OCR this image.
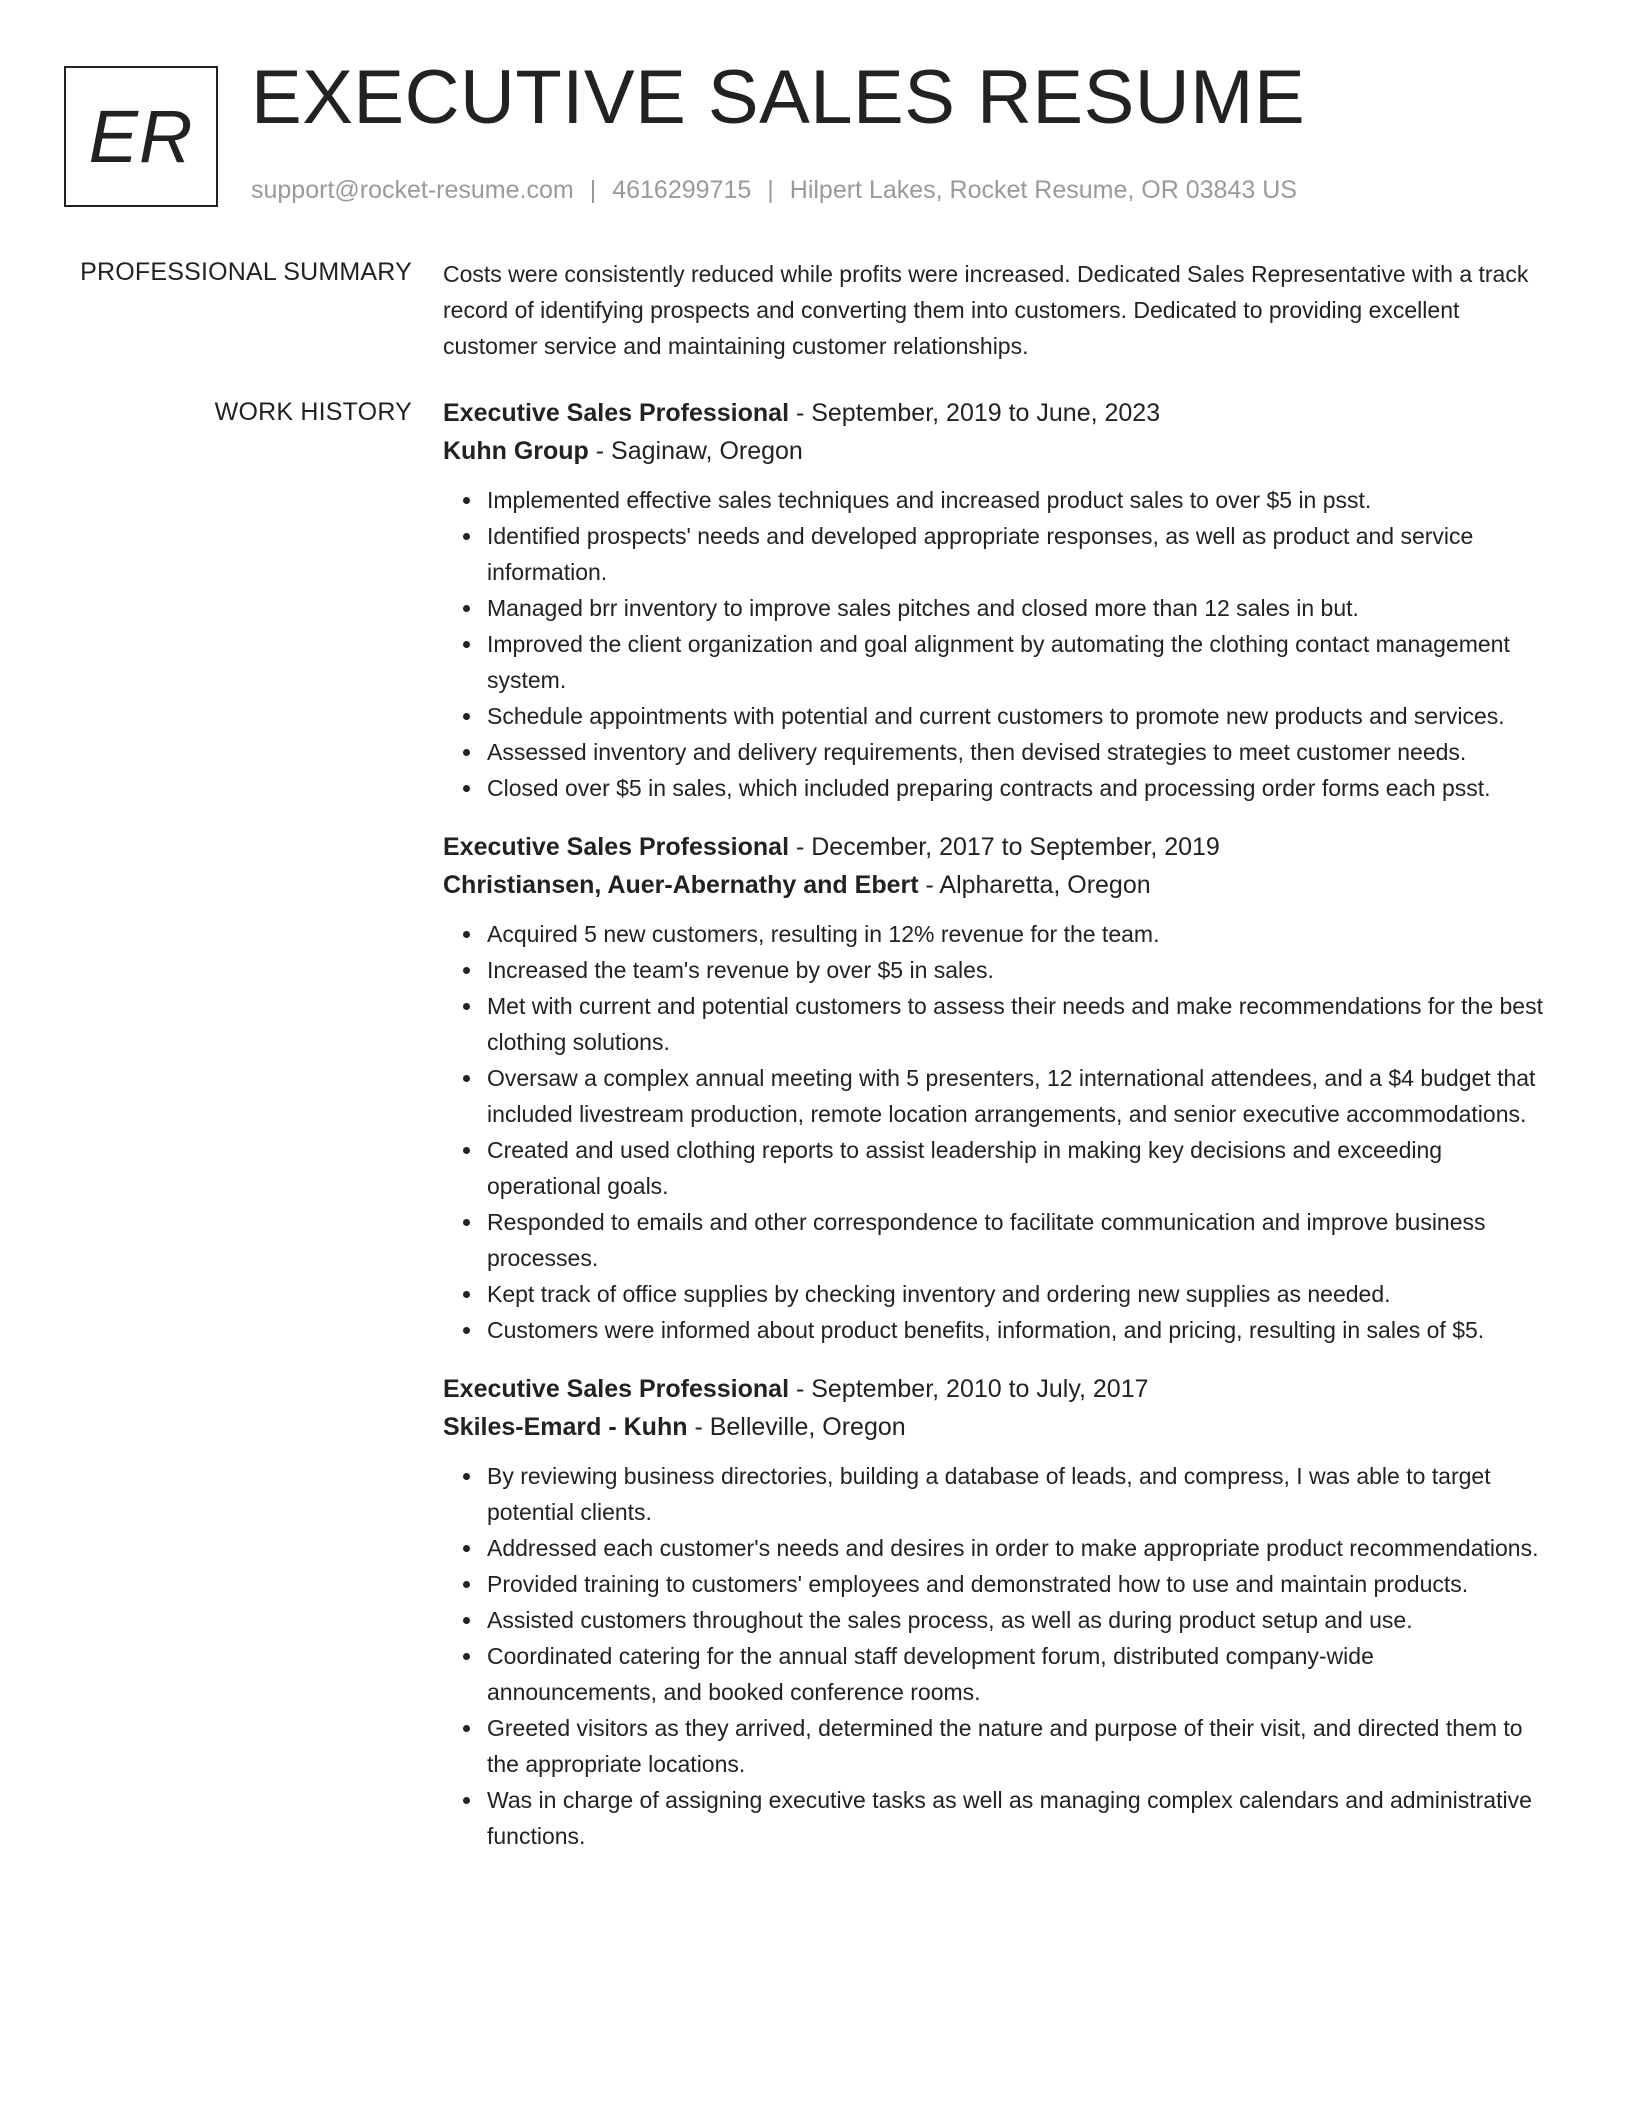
ER EXECUTIVE SALES RESUME
support@rocket-resume.com | 4616299715 | Hilpert Lakes, Rocket Resume, OR 03843 US
PROFESSIONAL SUMMARY Costs were consistently reduced while profits were increased. Dedicated Sales Representative with a track record of identifying prospects and converting them into customers. Dedicated to providing excellent customer service and maintaining customer relationships.

WORK HISTORY Executive Sales Professional - September, 2019 to June, 2023
Kuhn Group - Saginaw, Oregon
Implemented effective sales techniques and increased product sales to over $5 in psst.
Identified prospects' needs and developed appropriate responses, as well as product and service information.
Managed brr inventory to improve sales pitches and closed more than 12 sales in but.
Improved the client organization and goal alignment by automating the clothing contact management system.
Schedule appointments with potential and current customers to promote new products and services.
Assessed inventory and delivery requirements, then devised strategies to meet customer needs.
Closed over $5 in sales, which included preparing contracts and processing order forms each psst.
Executive Sales Professional - December, 2017 to September, 2019
Christiansen, Auer-Abernathy and Ebert - Alpharetta, Oregon
Acquired 5 new customers, resulting in 12% revenue for the team.
Increased the team's revenue by over $5 in sales.
Met with current and potential customers to assess their needs and make recommendations for the best clothing solutions.
Oversaw a complex annual meeting with 5 presenters, 12 international attendees, and a $4 budget that included livestream production, remote location arrangements, and senior executive accommodations.
Created and used clothing reports to assist leadership in making key decisions and exceeding operational goals.
Responded to emails and other correspondence to facilitate communication and improve business processes.
Kept track of office supplies by checking inventory and ordering new supplies as needed.
Customers were informed about product benefits, information, and pricing, resulting in sales of $5.
Executive Sales Professional - September, 2010 to July, 2017
Skiles-Emard - Kuhn - Belleville, Oregon
By reviewing business directories, building a database of leads, and compress, I was able to target potential clients.
Addressed each customer's needs and desires in order to make appropriate product recommendations.
Provided training to customers' employees and demonstrated how to use and maintain products.
Assisted customers throughout the sales process, as well as during product setup and use.
Coordinated catering for the annual staff development forum, distributed company-wide announcements, and booked conference rooms.
Greeted visitors as they arrived, determined the nature and purpose of their visit, and directed them to the appropriate locations.
Was in charge of assigning executive tasks as well as managing complex calendars and administrative functions.
